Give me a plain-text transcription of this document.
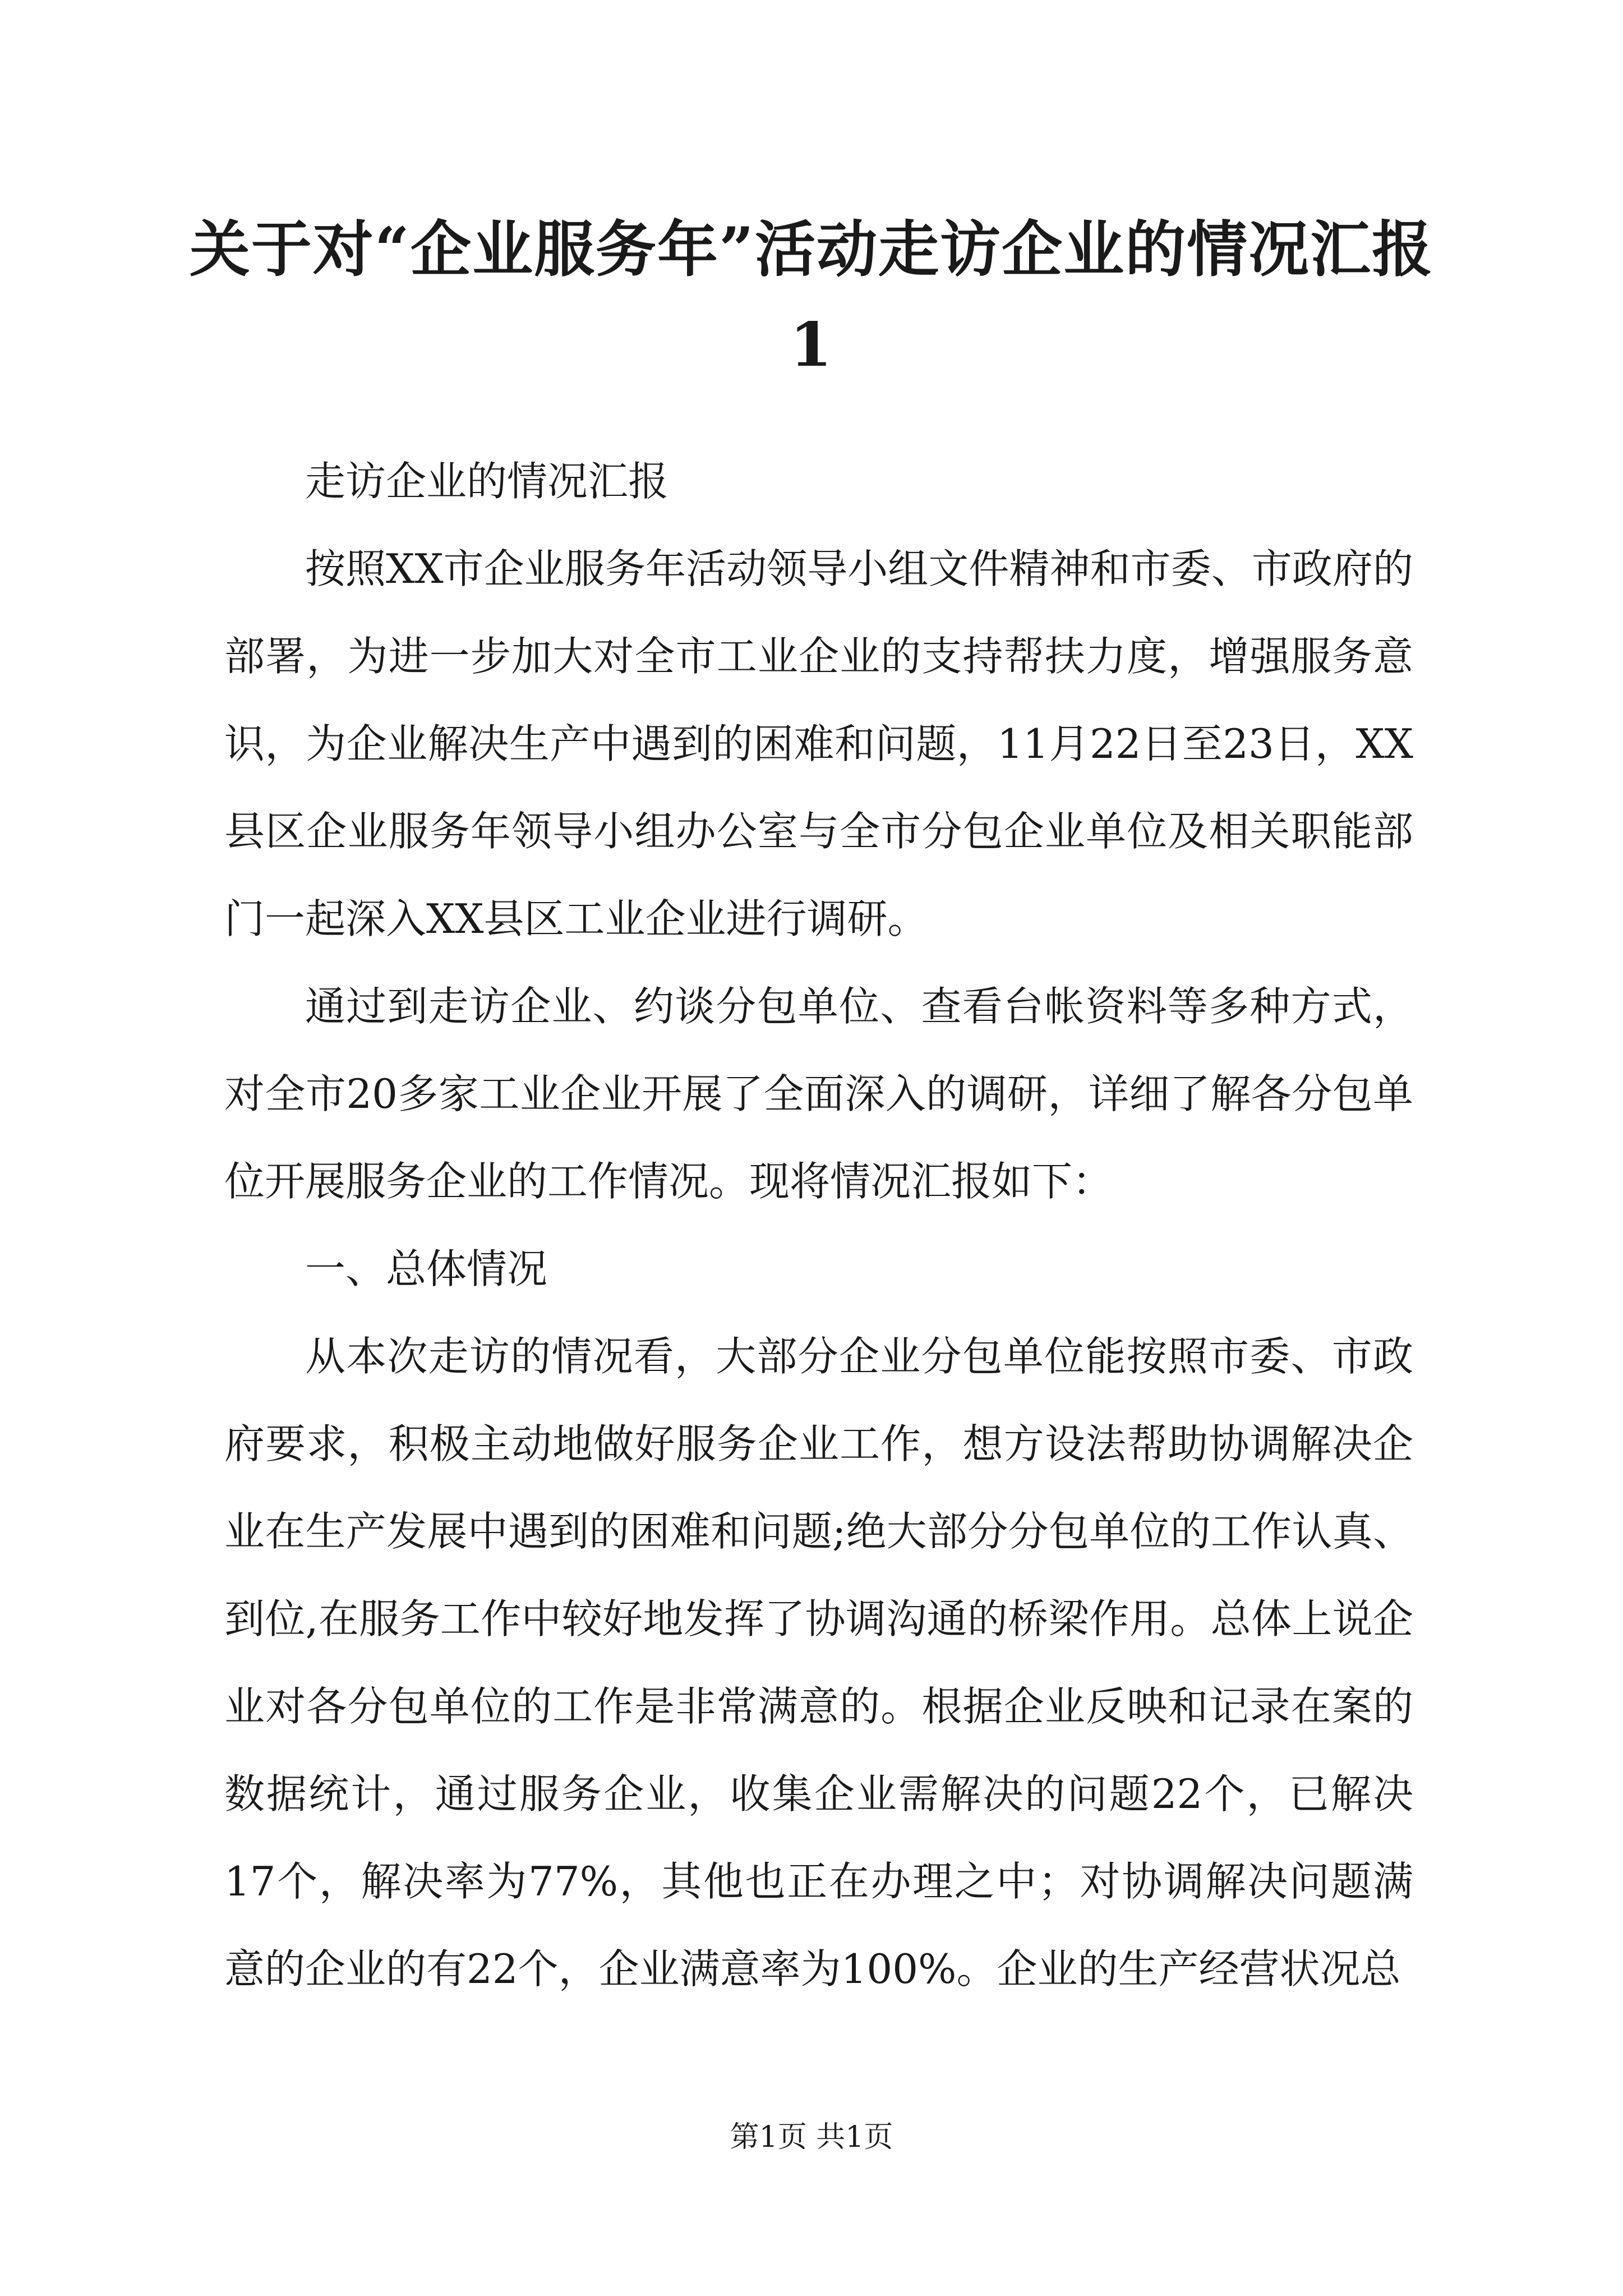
关于对“企业服务年”活动走访企业的情况汇报1

走访企业的情况汇报

按照XX市企业服务年活动领导小组文件精神和市委、市政府的部署，为进一步加大对全市工业企业的支持帮扶力度，增强服务意识，为企业解决生产中遇到的困难和问题，11月22日至23日，XX县区企业服务年领导小组办公室与全市分包企业单位及相关职能部门一起深入XX县区工业企业进行调研。

通过到走访企业、约谈分包单位、查看台帐资料等多种方式，对全市20多家工业企业开展了全面深入的调研，详细了解各分包单位开展服务企业的工作情况。现将情况汇报如下：

一、总体情况

从本次走访的情况看，大部分企业分包单位能按照市委、市政府要求，积极主动地做好服务企业工作，想方设法帮助协调解决企业在生产发展中遇到的困难和问题;绝大部分分包单位的工作认真、到位,在服务工作中较好地发挥了协调沟通的桥梁作用。总体上说企业对各分包单位的工作是非常满意的。根据企业反映和记录在案的数据统计，通过服务企业，收集企业需解决的问题22个，已解决17个，解决率为77%，其他也正在办理之中；对协调解决问题满意的企业的有22个，企业满意率为100%。企业的生产经营状况总

第1页 共1页
